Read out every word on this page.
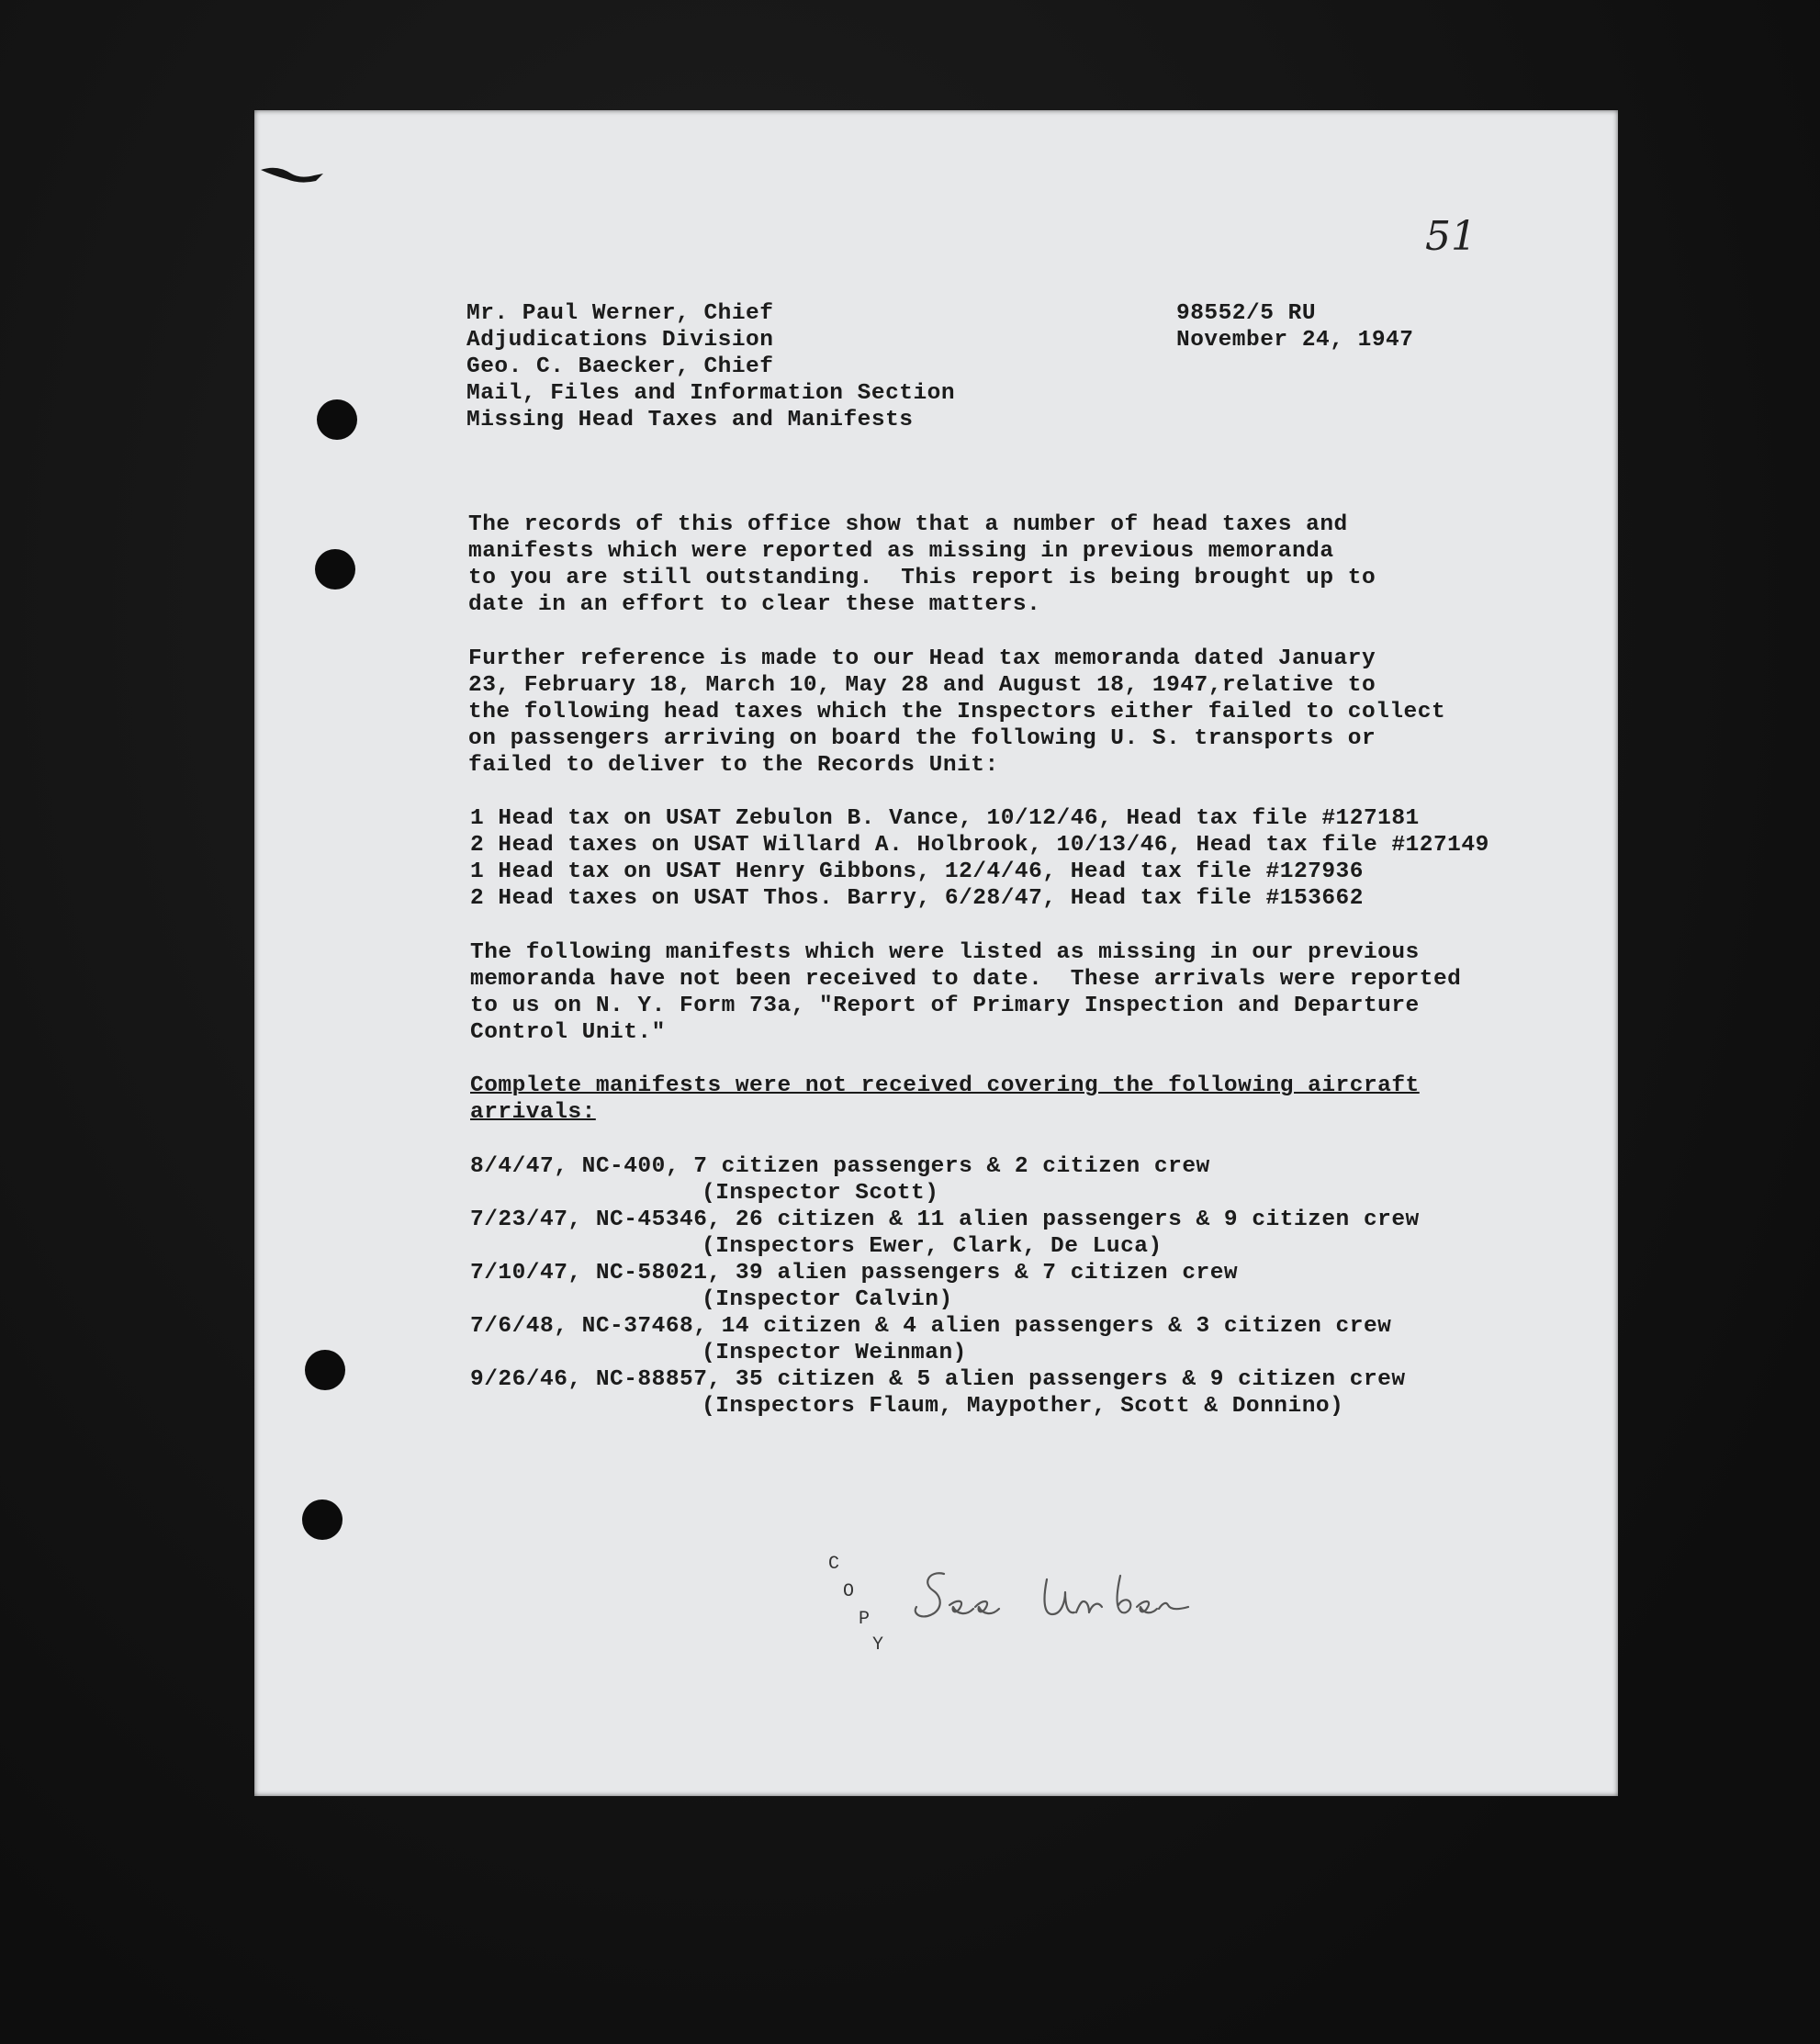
51
Mr. Paul Werner, Chief
Adjudications Division
Geo. C. Baecker, Chief
Mail, Files and Information Section
Missing Head Taxes and Manifests
98552/5 RU
November 24, 1947
The records of this office show that a number of head taxes and
manifests which were reported as missing in previous memoranda
to you are still outstanding.  This report is being brought up to
date in an effort to clear these matters.
Further reference is made to our Head tax memoranda dated January
23, February 18, March 10, May 28 and August 18, 1947,relative to
the following head taxes which the Inspectors either failed to collect
on passengers arriving on board the following U. S. transports or
failed to deliver to the Records Unit:
1 Head tax on USAT Zebulon B. Vance, 10/12/46, Head tax file #127181
2 Head taxes on USAT Willard A. Holbrook, 10/13/46, Head tax file #127149
1 Head tax on USAT Henry Gibbons, 12/4/46, Head tax file #127936
2 Head taxes on USAT Thos. Barry, 6/28/47, Head tax file #153662
The following manifests which were listed as missing in our previous
memoranda have not been received to date.  These arrivals were reported
to us on N. Y. Form 73a, "Report of Primary Inspection and Departure
Control Unit."
Complete manifests were not received covering the following aircraft
arrivals:
8/4/47, NC-400, 7 citizen passengers & 2 citizen crew
(Inspector Scott)
7/23/47, NC-45346, 26 citizen & 11 alien passengers & 9 citizen crew
(Inspectors Ewer, Clark, De Luca)
7/10/47, NC-58021, 39 alien passengers & 7 citizen crew
(Inspector Calvin)
7/6/48, NC-37468, 14 citizen & 4 alien passengers & 3 citizen crew
(Inspector Weinman)
9/26/46, NC-88857, 35 citizen & 5 alien passengers & 9 citizen crew
(Inspectors Flaum, Maypother, Scott & Donnino)
C
O
P
Y
